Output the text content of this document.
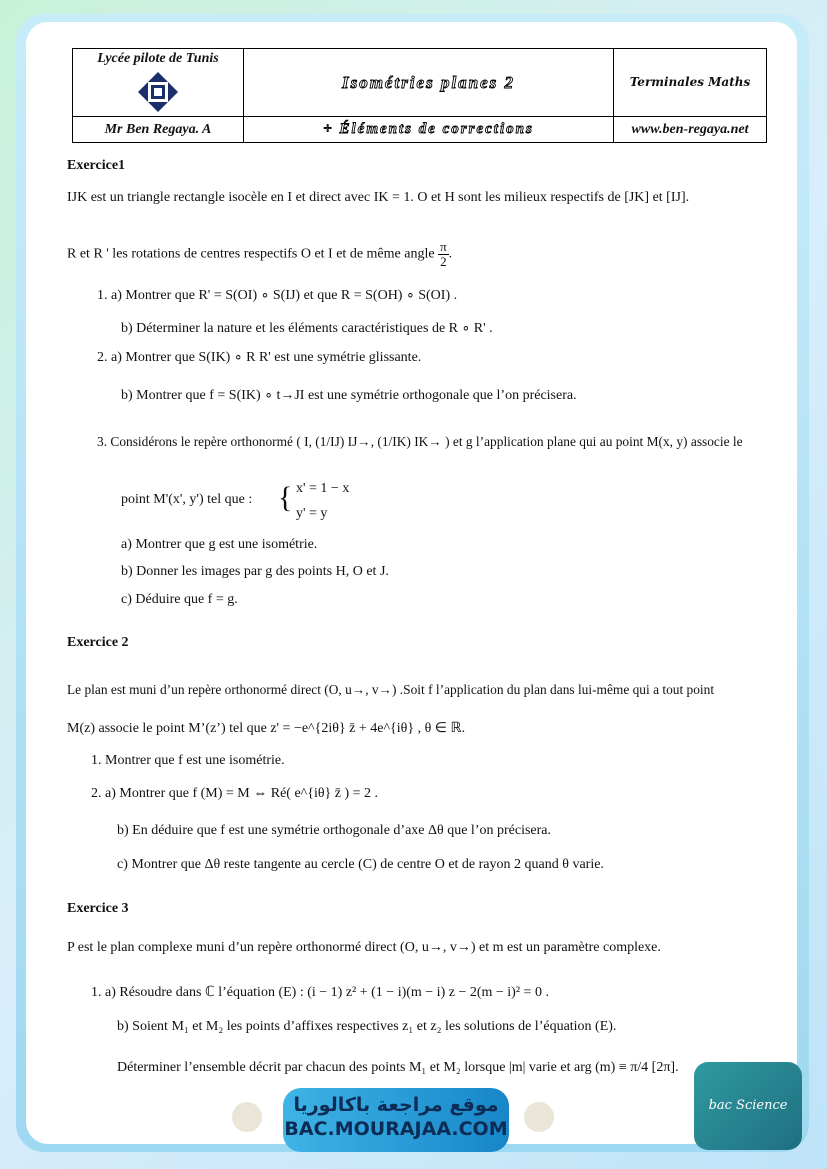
Lycée pilote de Tunis	Isométries planes 2	Terminales Maths
Mr Ben Regaya. A	+ Éléments de corrections	www.ben-regaya.net
Exercice1
IJK est un triangle rectangle isocèle en I et direct avec IK = 1. O et H sont les milieux respectifs de [JK] et [IJ].
R et R ' les rotations de centres respectifs O et I et de même angle $\frac{\pi}{2}$ .
1. a) Montrer que R' = S(OI) ∘ S(IJ) et que R = S(OH) ∘ S(OI) .
b) Déterminer la nature et les éléments caractéristiques de R ∘ R' .
2. a) Montrer que S(IK) ∘ R R' est une symétrie glissante.
b) Montrer que f = S(IK) ∘ t→JI est une symétrie orthogonale que l’on précisera.
3. Considérons le repère orthonormé ( I, (1/IJ) IJ→, (1/IK) IK→ ) et g l’application plane qui au point M(x, y) associe le
point M'(x', y') tel que : { x' = 1 − x
y' = y
a) Montrer que g est une isométrie.
b) Donner les images par g des points H, O et J.
c) Déduire que f = g.
Exercice 2
Le plan est muni d’un repère orthonormé direct (O, u→, v→) .Soit f l’application du plan dans lui-même qui a tout point
M(z) associe le point M’(z’) tel que z' = −e^{2iθ} z̄ + 4e^{iθ} , θ ∈ ℝ.
1. Montrer que f est une isométrie.
2. a) Montrer que f (M) = M ⇔ Ré( e^{iθ} z̄ ) = 2 .
b) En déduire que f est une symétrie orthogonale d’axe Δθ que l’on précisera.
c) Montrer que Δθ reste tangente au cercle (C) de centre O et de rayon 2 quand θ varie.
Exercice 3
P est le plan complexe muni d’un repère orthonormé direct (O, u→, v→) et m est un paramètre complexe.
1. a) Résoudre dans ℂ l’équation (E) : (i − 1) z² + (1 − i)(m − i) z − 2(m − i)² = 0 .
b) Soient M₁ et M₂ les points d’affixes respectives z₁ et z₂ les solutions de l’équation (E).
Déterminer l’ensemble décrit par chacun des points M₁ et M₂ lorsque |m| varie et arg (m) ≡ π/4 [2π].
موقع مراجعة باكالوريا
BAC.MOURAJAA.COM
bac Science
